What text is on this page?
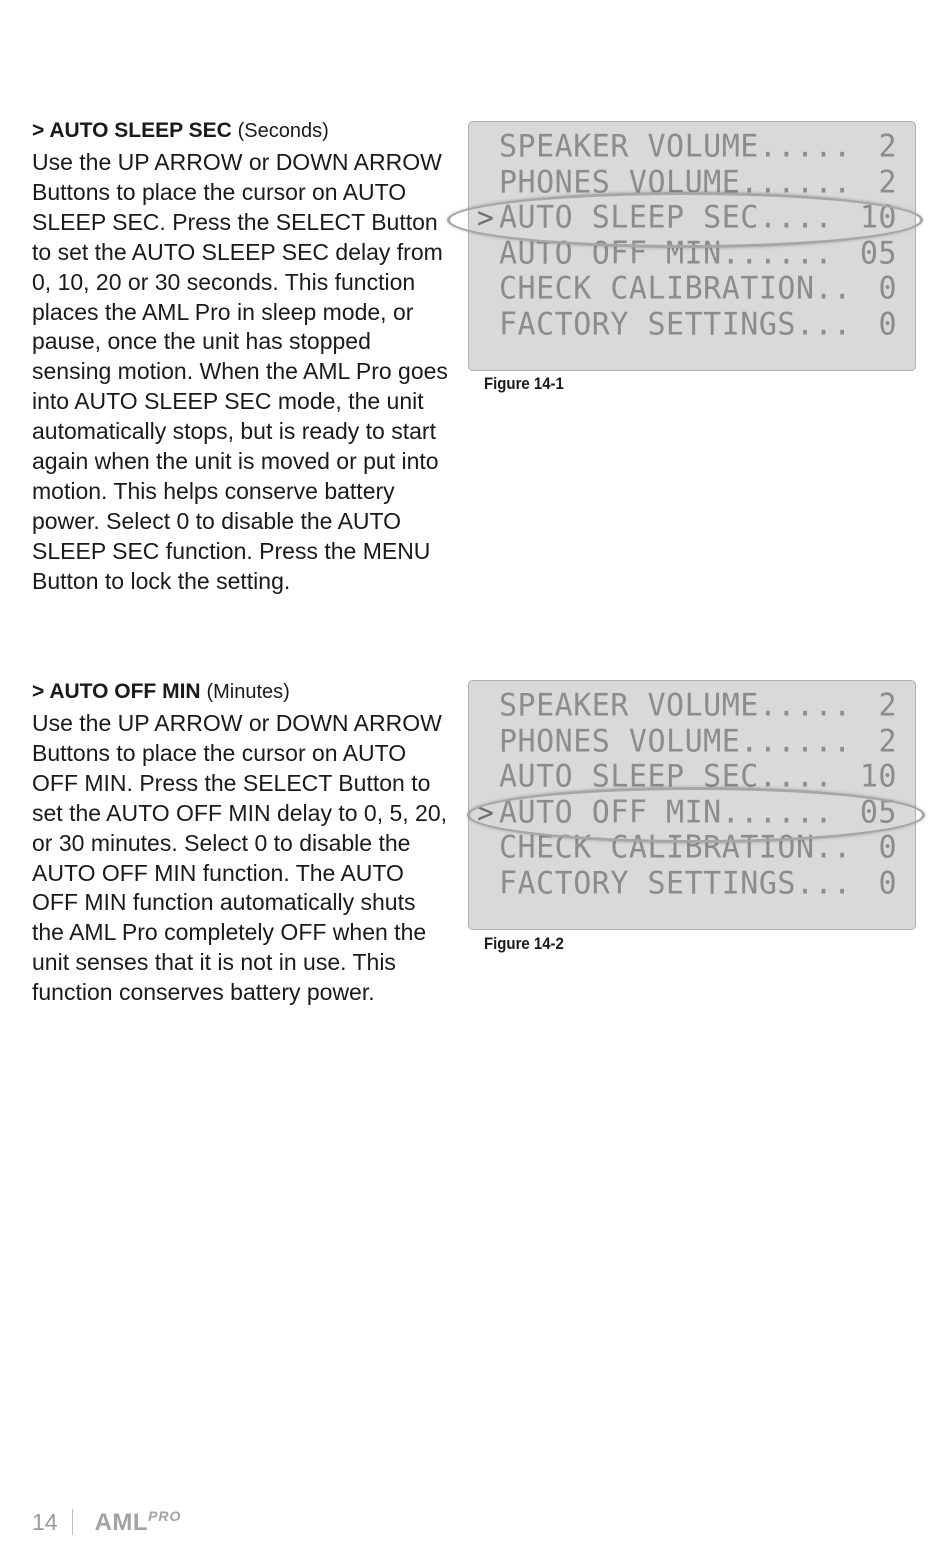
> AUTO SLEEP SEC (Seconds)

Use the UP ARROW or DOWN ARROW Buttons to place the cursor on AUTO SLEEP SEC. Press the SELECT Button to set the AUTO SLEEP SEC delay from 0, 10, 20 or 30 seconds. This function places the AML Pro in sleep mode, or pause, once the unit has stopped sensing motion. When the AML Pro goes into AUTO SLEEP SEC mode, the unit automatically stops, but is ready to start again when the unit is moved or put into motion. This helps conserve battery power. Select 0 to disable the AUTO SLEEP SEC function. Press the MENU Button to lock the setting.

SPEAKER VOLUME..... 2
PHONES VOLUME...... 2
> AUTO SLEEP SEC.... 10
AUTO OFF MIN...... 05
CHECK CALIBRATION.. 0
FACTORY SETTINGS... 0
Figure 14-1
> AUTO OFF MIN (Minutes)

Use the UP ARROW or DOWN ARROW Buttons to place the cursor on AUTO OFF MIN. Press the SELECT Button to set the AUTO OFF MIN delay to 0, 5, 20, or 30 minutes. Select 0 to disable the AUTO OFF MIN function. The AUTO OFF MIN function automatically shuts the AML Pro completely OFF when the unit senses that it is not in use. This function conserves battery power.

SPEAKER VOLUME..... 2
PHONES VOLUME...... 2
AUTO SLEEP SEC.... 10
> AUTO OFF MIN...... 05
CHECK CALIBRATION.. 0
FACTORY SETTINGS... 0
Figure 14-2
14 $AML^{PRO}$
